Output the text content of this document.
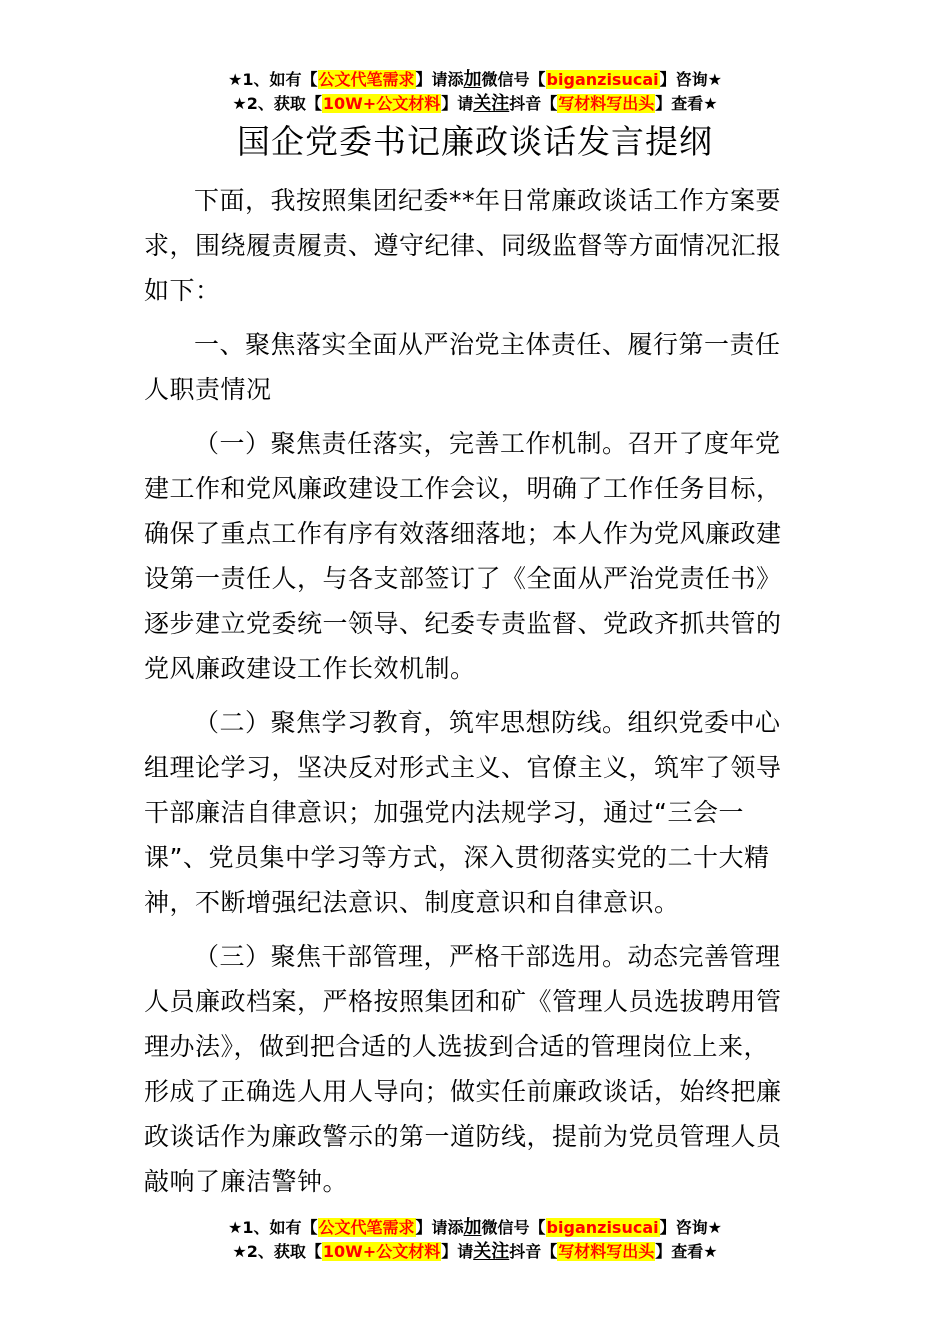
★1、如有【公文代笔需求】请添加微信号【biganzisucai】咨询★
★2、获取【10W+公文材料】请关注抖音【写材料写出头】查看★
国企党委书记廉政谈话发言提纲

下面，我按照集团纪委**年日常廉政谈话工作方案要
求，围绕履责履责、遵守纪律、同级监督等方面情况汇报
如下：

一、聚焦落实全面从严治党主体责任、履行第一责任
人职责情况

（一）聚焦责任落实，完善工作机制。召开了度年党
建工作和党风廉政建设工作会议，明确了工作任务目标，
确保了重点工作有序有效落细落地；本人作为党风廉政建
设第一责任人，与各支部签订了《全面从严治党责任书》
逐步建立党委统一领导、纪委专责监督、党政齐抓共管的
党风廉政建设工作长效机制。

（二）聚焦学习教育，筑牢思想防线。组织党委中心
组理论学习，坚决反对形式主义、官僚主义，筑牢了领导
干部廉洁自律意识；加强党内法规学习，通过“三会一
课”、党员集中学习等方式，深入贯彻落实党的二十大精
神，不断增强纪法意识、制度意识和自律意识。

（三）聚焦干部管理，严格干部选用。动态完善管理
人员廉政档案，严格按照集团和矿《管理人员选拔聘用管
理办法》，做到把合适的人选拔到合适的管理岗位上来，
形成了正确选人用人导向；做实任前廉政谈话，始终把廉
政谈话作为廉政警示的第一道防线，提前为党员管理人员
敲响了廉洁警钟。

★1、如有【公文代笔需求】请添加微信号【biganzisucai】咨询★
★2、获取【10W+公文材料】请关注抖音【写材料写出头】查看★
